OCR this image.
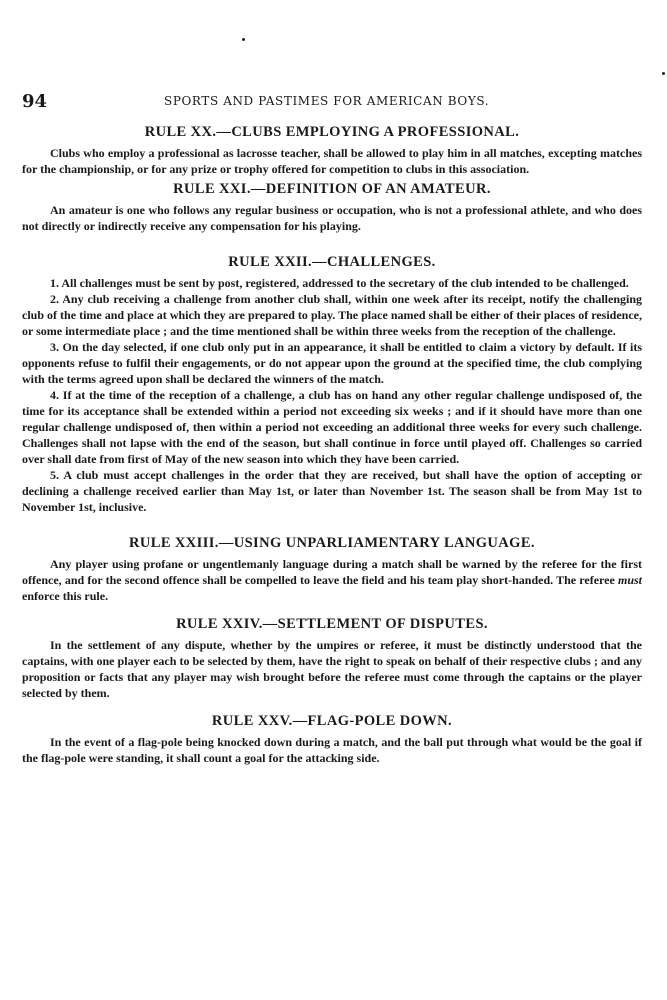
94	SPORTS AND PASTIMES FOR AMERICAN BOYS.
RULE XX.—CLUBS EMPLOYING A PROFESSIONAL.

Clubs who employ a professional as lacrosse teacher, shall be allowed to play him in all matches, excepting matches for the championship, or for any prize or trophy offered for competition to clubs in this association.

RULE XXI.—DEFINITION OF AN AMATEUR.

An amateur is one who follows any regular business or occupation, who is not a professional athlete, and who does not directly or indirectly receive any compensation for his playing.

RULE XXII.—CHALLENGES.

1. All challenges must be sent by post, registered, addressed to the secretary of the club intended to be challenged.

2. Any club receiving a challenge from another club shall, within one week after its receipt, notify the challenging club of the time and place at which they are prepared to play. The place named shall be either of their places of residence, or some intermediate place ; and the time mentioned shall be within three weeks from the reception of the challenge.

3. On the day selected, if one club only put in an appearance, it shall be entitled to claim a victory by default. If its opponents refuse to fulfil their engagements, or do not appear upon the ground at the specified time, the club complying with the terms agreed upon shall be declared the winners of the match.

4. If at the time of the reception of a challenge, a club has on hand any other regular challenge undisposed of, the time for its acceptance shall be extended within a period not exceeding six weeks ; and if it should have more than one regular challenge undisposed of, then within a period not exceeding an additional three weeks for every such challenge. Challenges shall not lapse with the end of the season, but shall continue in force until played off. Challenges so carried over shall date from first of May of the new season into which they have been carried.

5. A club must accept challenges in the order that they are received, but shall have the option of accepting or declining a challenge received earlier than May 1st, or later than November 1st. The season shall be from May 1st to November 1st, inclusive.

RULE XXIII.—USING UNPARLIAMENTARY LANGUAGE.

Any player using profane or ungentlemanly language during a match shall be warned by the referee for the first offence, and for the second offence shall be compelled to leave the field and his team play short-handed. The referee must enforce this rule.

RULE XXIV.—SETTLEMENT OF DISPUTES.

In the settlement of any dispute, whether by the umpires or referee, it must be distinctly understood that the captains, with one player each to be selected by them, have the right to speak on behalf of their respective clubs ; and any proposition or facts that any player may wish brought before the referee must come through the captains or the player selected by them.

RULE XXV.—FLAG-POLE DOWN.

In the event of a flag-pole being knocked down during a match, and the ball put through what would be the goal if the flag-pole were standing, it shall count a goal for the attacking side.
